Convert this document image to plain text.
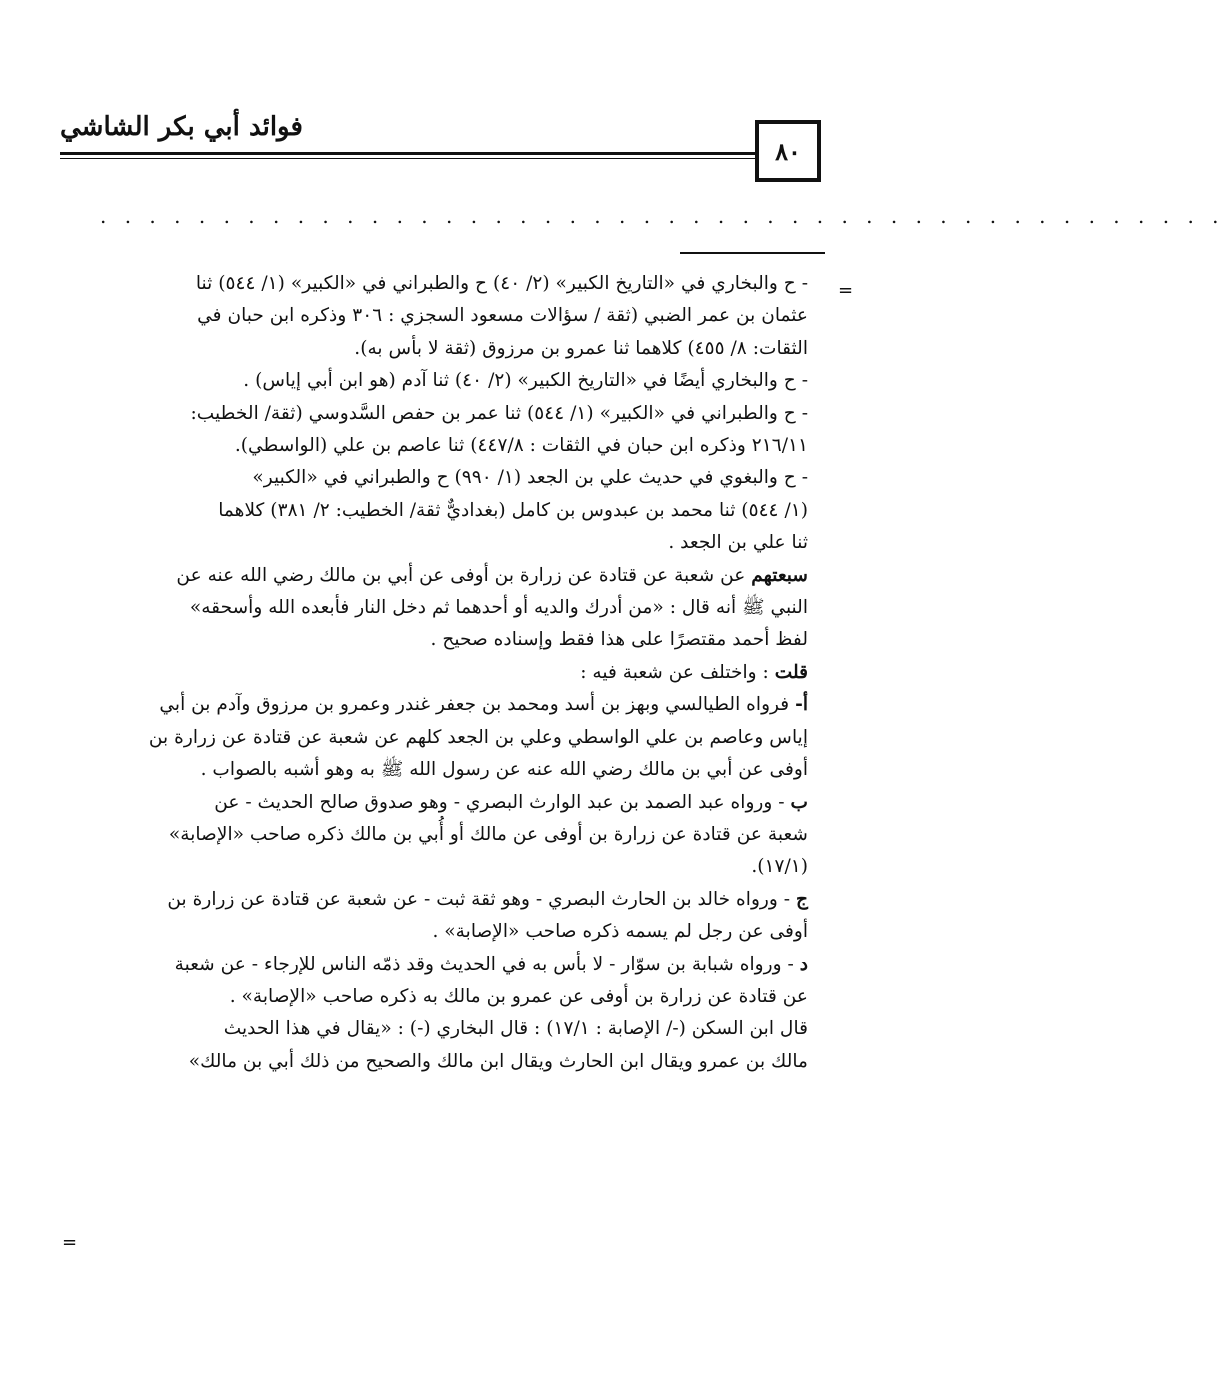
فوائد أبي بكر الشاشي
٨٠
. . . . . . . . . . . . . . . . . . . . . . . . . . . . . . . . . . . . . . . . . . . . . .
=

- ح والبخاري في «التاريخ الكبير» (٢/ ٤٠) ح والطبراني في «الكبير» (١/ ٥٤٤) ثنا

عثمان بن عمر الضبي (ثقة / سؤالات مسعود السجزي : ٣٠٦ وذكره ابن حبان في

الثقات: ٨/ ٤٥٥) كلاهما ثنا عمرو بن مرزوق (ثقة لا بأس به).

- ح والبخاري أيضًا في «التاريخ الكبير» (٢/ ٤٠) ثنا آدم (هو ابن أبي إياس) .

- ح والطبراني في «الكبير» (١/ ٥٤٤) ثنا عمر بن حفص السَّدوسي (ثقة/ الخطيب:

٢١٦/١١ وذكره ابن حبان في الثقات : ٤٤٧/٨) ثنا عاصم بن علي (الواسطي).

- ح والبغوي في حديث علي بن الجعد (١/ ٩٩٠) ح والطبراني في «الكبير»

(١/ ٥٤٤) ثنا محمد بن عبدوس بن كامل (بغداديٌّ ثقة/ الخطيب: ٢/ ٣٨١) كلاهما

ثنا علي بن الجعد .

سبعتهم عن شعبة عن قتادة عن زرارة بن أوفى عن أبي بن مالك رضي الله عنه عن

النبي ﷺ أنه قال : «من أدرك والديه أو أحدهما ثم دخل النار فأبعده الله وأسحقه»

لفظ أحمد مقتصرًا على هذا فقط وإسناده صحيح .

قلت : واختلف عن شعبة فيه :

أ- فرواه الطيالسي وبهز بن أسد ومحمد بن جعفر غندر وعمرو بن مرزوق وآدم بن أبي

إياس وعاصم بن علي الواسطي وعلي بن الجعد كلهم عن شعبة عن قتادة عن زرارة بن

أوفى عن أبي بن مالك رضي الله عنه عن رسول الله ﷺ به وهو أشبه بالصواب .

ب - ورواه عبد الصمد بن عبد الوارث البصري - وهو صدوق صالح الحديث - عن

شعبة عن قتادة عن زرارة بن أوفى عن مالك أو أُبي بن مالك ذكره صاحب «الإصابة»

(١٧/١).

ج - ورواه خالد بن الحارث البصري - وهو ثقة ثبت - عن شعبة عن قتادة عن زرارة بن

أوفى عن رجل لم يسمه ذكره صاحب «الإصابة» .

د - ورواه شبابة بن سوّار - لا بأس به في الحديث وقد ذمّه الناس للإرجاء - عن شعبة

عن قتادة عن زرارة بن أوفى عن عمرو بن مالك به ذكره صاحب «الإصابة» .

قال ابن السكن (-/ الإصابة : ١٧/١) : قال البخاري (-) : «يقال في هذا الحديث

مالك بن عمرو ويقال ابن الحارث ويقال ابن مالك والصحيح من ذلك أبي بن مالك»

=
